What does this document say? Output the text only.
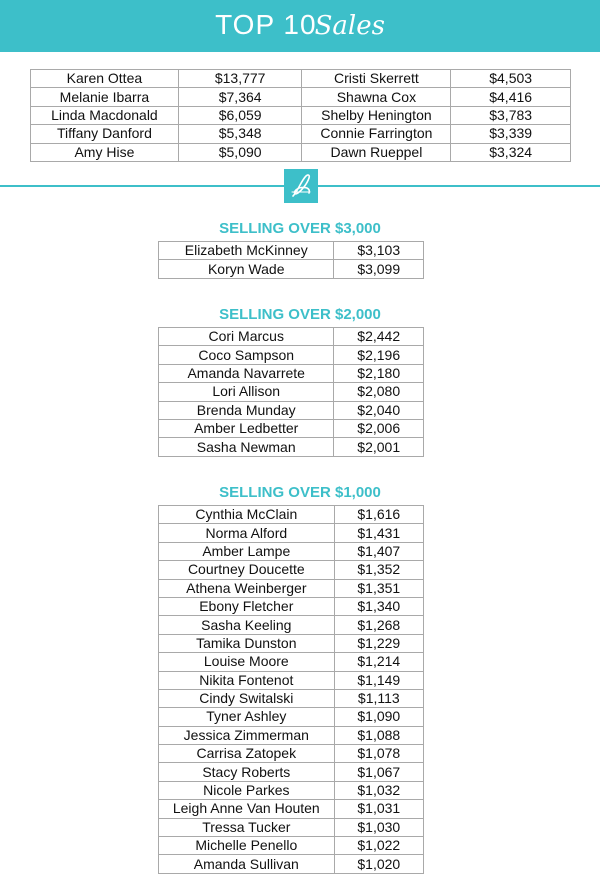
TOP 10Sales
Karen Ottea	$13,777	Cristi Skerrett	$4,503
Melanie Ibarra	$7,364	Shawna Cox	$4,416
Linda Macdonald	$6,059	Shelby Henington	$3,783
Tiffany Danford	$5,348	Connie Farrington	$3,339
Amy Hise	$5,090	Dawn Rueppel	$3,324
SELLING OVER $3,000
Elizabeth McKinney	$3,103
Koryn Wade	$3,099
SELLING OVER $2,000
Cori Marcus	$2,442
Coco Sampson	$2,196
Amanda Navarrete	$2,180
Lori Allison	$2,080
Brenda Munday	$2,040
Amber Ledbetter	$2,006
Sasha Newman	$2,001
SELLING OVER $1,000
Cynthia McClain	$1,616
Norma Alford	$1,431
Amber Lampe	$1,407
Courtney Doucette	$1,352
Athena Weinberger	$1,351
Ebony Fletcher	$1,340
Sasha Keeling	$1,268
Tamika Dunston	$1,229
Louise Moore	$1,214
Nikita Fontenot	$1,149
Cindy Switalski	$1,113
Tyner Ashley	$1,090
Jessica Zimmerman	$1,088
Carrisa Zatopek	$1,078
Stacy Roberts	$1,067
Nicole Parkes	$1,032
Leigh Anne Van Houten	$1,031
Tressa Tucker	$1,030
Michelle Penello	$1,022
Amanda Sullivan	$1,020
